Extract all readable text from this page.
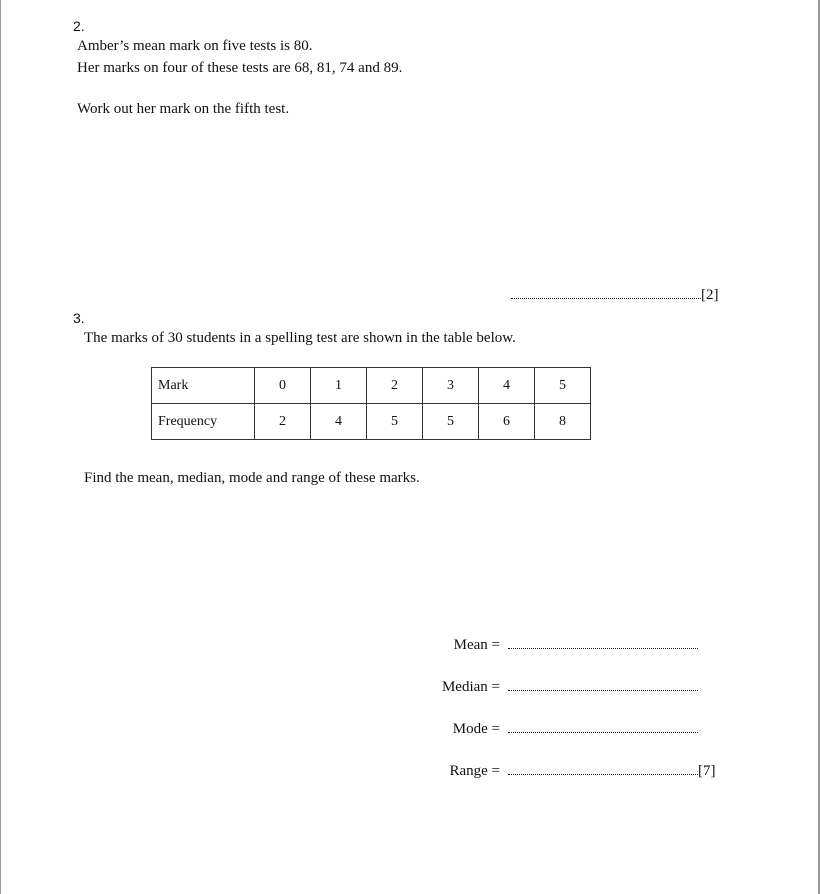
2.
Amber’s mean mark on five tests is 80.
Her marks on four of these tests are 68, 81, 74 and 89.
Work out her mark on the fifth test.
[2]
3.
The marks of 30 students in a spelling test are shown in the table below.
Mark	0	1	2	3	4	5
Frequency	2	4	5	5	6	8
Find the mean, median, mode and range of these marks.
Mean =
Median =
Mode =
Range =	[7]
